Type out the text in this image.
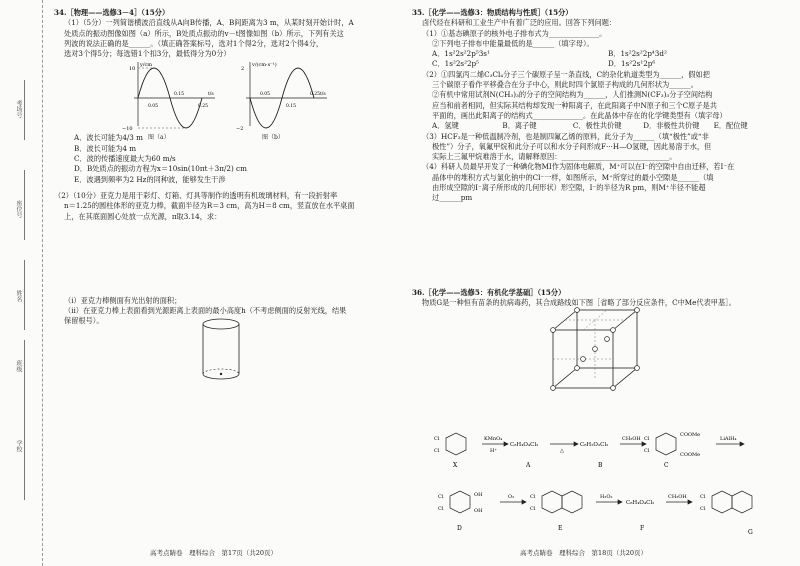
考场号
座位号
姓名
班级
学校

34.［物理——选修3－4］（15分）

（1）（5分）一列简谐横波沿直线从A向B传播，A、B间距离为3 m，从某时刻开始计时，A

处质点的振动图像如图（a）所示，B处质点振动的v－t图像如图（b）所示，下列有关这

列波的说法正确的是______。（填正确答案标号，选对1个得2分，选对2个得4分，

选对3个得5分；每选错1个扣3分，最低得分为0分）

A．波长可能为4/3 m

B．波长可能为4 m

C．波的传播速度最大为60 m/s

D．B处质点的振动方程为x＝10sin(10πt＋3π/2) cm

E．波遇到频率为2 Hz的同种波，能够发生干涉

（2）（10分）亚克力是用于彩灯、灯箱、灯具等制作的透明有机玻璃材料，有一段折射率

n＝1.25的圆柱体形的亚克力棒，截面半径为R＝3 cm，高为H＝8 cm，竖直放在水平桌面

上，在其底面圆心处放一点光源，π取3.14，求：

（ⅰ）亚克力棒侧面有光出射的面积；

（ⅱ）在亚克力棒上表面看到光源距离上表面的最小高度h（不考虑侧面的反射光线，结果

保留根号）。

y/cm
10
−10
0.05
0.15
0.25
t/s
图（a）
v/(cm·s⁻¹)
2
−2
0.05
0.15
0.25 t/s
图（b）
高考点睛卷　理科综合　第17页（共20页）

35.［化学——选修3：物质结构与性质］（15分）

卤代烃在科研和工业生产中有着广泛的应用。回答下列问题：

（1）①基态碘原子的核外电子排布式为______________。

②下列电子排布中能量最低的是______（填字母）。

A．1s²2s²2p⁵3s¹	B．1s²2s²2p⁴3d²
C．1s²2s²2p⁵	D．1s²2s¹2p⁶

（2）①四氯丙二烯C₃Cl₄分子三个碳原子呈一条直线，C的杂化轨道类型为______，假如把

三个碳原子看作平移叠合在分子中心，则此时四个氯原子构成的几何形状为______。

②有机中常用试剂N(CH₃)₃的分子的空间结构为______，人们推测N(CF₃)₃分子空间结构

应当和前者相同，但实际其结构却发现一种阳离子，在此阳离子中N原子和三个C原子是共

平面的，画出此阳离子的结构式______________。在此晶体中存在的化学键类型有（填字母）

A．氢键	B．离子键	C．极性共价键	D．非极性共价键	E．配位键

（3）HCF₃是一种低温制冷剂，也是制四氟乙烯的原料，此分子为______（填“极性”或“非

极性”）分子，氧氟甲烷和此分子可以和水分子间形成F···H—O氢键，因此易溶于水，但

实际上三氟甲烷难溶于水，请解释原因：______________________________。

（4）科研人员最早开发了一种碘化物MI作为固体电解质，M⁺可以在I⁻的空隙中自由迁移，若I⁻在

晶体中的堆积方式与氯化钠中的Cl⁻一样，如图所示，M⁺所穿过的最小空隙是______（填

由形成空隙的I⁻离子所形成的几何形状）形空隙，I⁻的半径为R pm，则M⁺半径不能超

过______pm

36.［化学——选修5：有机化学基础］（15分）

物质G是一种恒有苗条的抗病毒药，其合成路线如下图［省略了部分反应条件，C中Me代表甲基］。

Cl
Cl
X
KMnO₄
H⁺
C₈H₄O₄Cl₂
A
△
C₈H₂O₃Cl₂
B
CH₃OH Cl
Cl
COOMe
COOMe
C
LiAlH₄
Cl
Cl
OH
OH
D
O₂	Cl
Cl
E
H₂O₂
C₈H₄O₄Cl₂
F
CH₃OH	Cl
Cl
G
高考点睛卷　理科综合　第18页（共20页）
